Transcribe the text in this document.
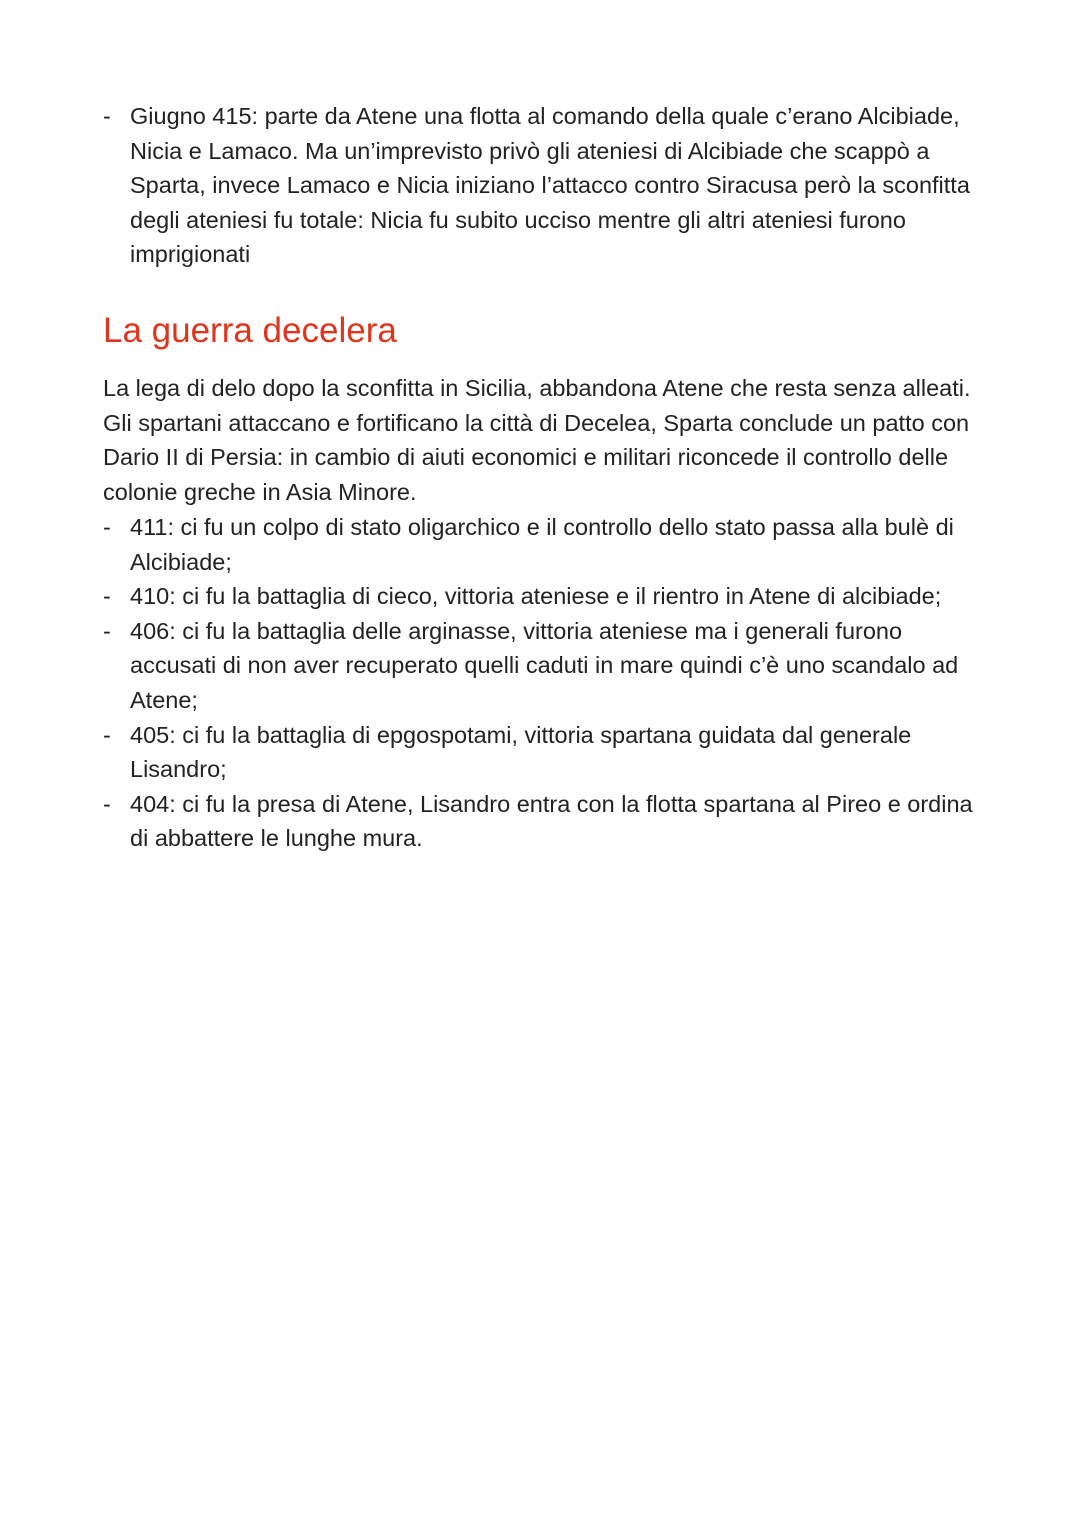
- Giugno 415: parte da Atene una flotta al comando della quale c’erano Alcibiade, Nicia e Lamaco. Ma un’imprevisto privò gli ateniesi di Alcibiade che scappò a Sparta, invece Lamaco e Nicia iniziano l’attacco contro Siracusa però la sconfitta degli ateniesi fu totale: Nicia fu subito ucciso mentre gli altri ateniesi furono imprigionati
La guerra decelera

La lega di delo dopo la sconfitta in Sicilia, abbandona Atene che resta senza alleati. Gli spartani attaccano e fortificano la città di Decelea, Sparta conclude un patto con Dario II di Persia: in cambio di aiuti economici e militari riconcede il controllo delle colonie greche in Asia Minore.

- 411: ci fu un colpo di stato oligarchico e il controllo dello stato passa alla bulè di Alcibiade;
- 410: ci fu la battaglia di cieco, vittoria ateniese e il rientro in Atene di alcibiade;
- 406: ci fu la battaglia delle arginasse, vittoria ateniese ma i generali furono accusati di non aver recuperato quelli caduti in mare quindi c’è uno scandalo ad Atene;
- 405: ci fu la battaglia di epgospotami, vittoria spartana guidata dal generale Lisandro;
- 404: ci fu la presa di Atene, Lisandro entra con la flotta spartana al Pireo e ordina di abbattere le lunghe mura.
